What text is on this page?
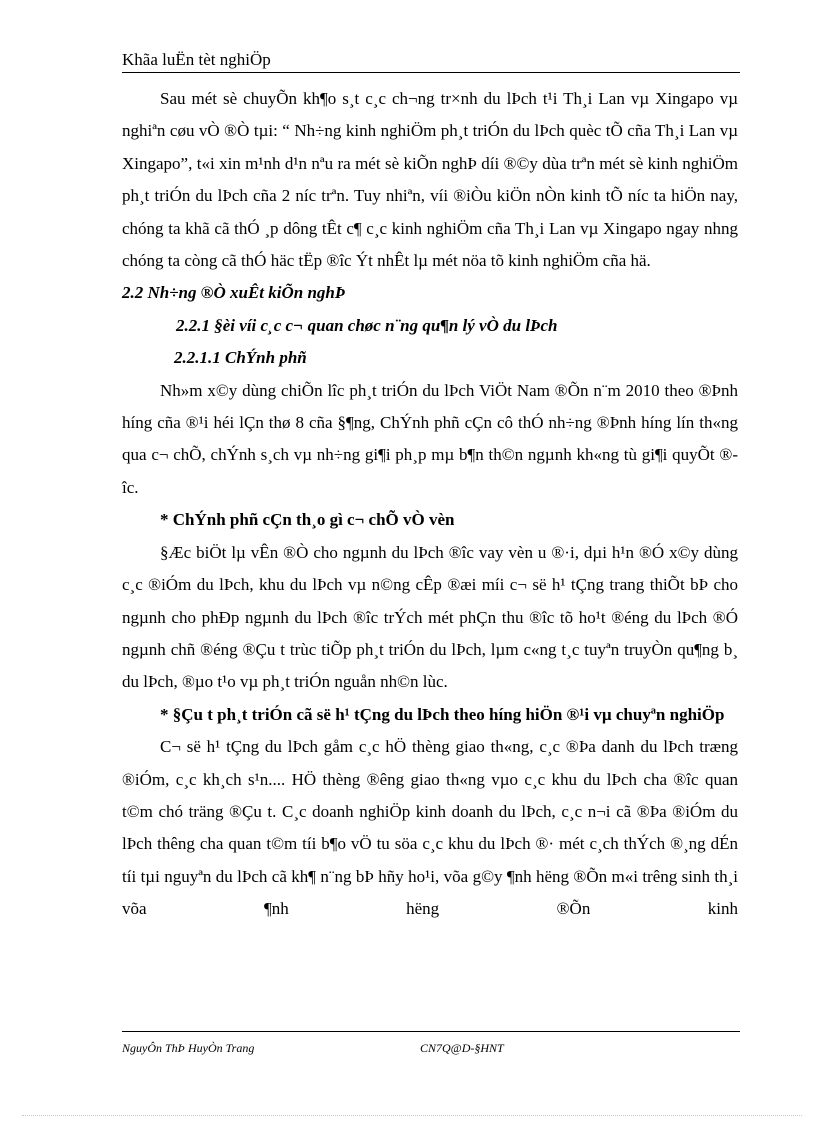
Khãa luËn tèt nghiÖp

Sau mét sè chuyÕn kh¶o s¸t c¸c ch¬ng tr×nh du lÞch t¹i Th¸i Lan vµ Xingapo vµ nghiªn cøu vÒ ®Ò tµi: “ Nh÷ng kinh nghiÖm ph¸t triÓn du lÞch quèc tÕ cña Th¸i Lan vµ Xingapo”, t«i xin m¹nh d¹n nªu ra mét sè kiÕn nghÞ díi ®©y dùa trªn mét sè kinh nghiÖm ph¸t triÓn du lÞch cña 2 níc trªn. Tuy nhiªn, víi ®iÒu kiÖn nÒn kinh tÕ níc ta hiÖn nay, chóng ta khã cã thÓ ¸p dông tÊt c¶ c¸c kinh nghiÖm cña Th¸i Lan vµ Xingapo ngay nhng chóng ta còng cã thÓ häc tËp ®îc Ýt nhÊt lµ mét nöa tõ kinh nghiÖm cña hä.

2.2 Nh÷ng ®Ò xuÊt kiÕn nghÞ

2.2.1 §èi víi c¸c c¬ quan chøc n¨ng qu¶n lý vÒ du lÞch

2.2.1.1 ChÝnh phñ

Nh»m x©y dùng chiÕn lîc ph¸t triÓn du lÞch ViÖt Nam ®Õn n¨m 2010 theo ®Þnh híng cña ®¹i héi lÇn thø 8 cña §¶ng, ChÝnh phñ cÇn cô thÓ nh÷ng ®Þnh híng lín th«ng qua c¬ chÕ, chÝnh s¸ch vµ nh÷ng gi¶i ph¸p mµ b¶n th©n ngµnh kh«ng tù gi¶i quyÕt ®îc.

* ChÝnh phñ cÇn th¸o gì c¬ chÕ vÒ vèn

§Æc biÖt lµ vÊn ®Ò cho ngµnh du lÞch ®îc vay vèn u ®·i, dµi h¹n ®Ó x©y dùng c¸c ®iÓm du lÞch, khu du lÞch vµ n©ng cÊp ®æi míi c¬ së h¹ tÇng trang thiÕt bÞ cho ngµnh cho phÐp ngµnh du lÞch ®îc trÝch mét phÇn thu ®îc tõ ho¹t ®éng du lÞch ®Ó ngµnh chñ ®éng ®Çu t trùc tiÕp ph¸t triÓn du lÞch, lµm c«ng t¸c tuyªn truyÒn qu¶ng b¸ du lÞch, ®µo t¹o vµ ph¸t triÓn nguån nh©n lùc.

* §Çu t ph¸t triÓn cã së h¹ tÇng du lÞch theo híng hiÖn ®¹i vµ chuyªn nghiÖp

C¬ së h¹ tÇng du lÞch gåm c¸c hÖ thèng giao th«ng, c¸c ®Þa danh du lÞch træng ®iÓm, c¸c kh¸ch s¹n.... HÖ thèng ®êng giao th«ng vµo c¸c khu du lÞch cha ®îc quan t©m chó träng ®Çu t. C¸c doanh nghiÖp kinh doanh du lÞch, c¸c n¬i cã ®Þa ®iÓm du lÞch thêng cha quan t©m tíi b¶o vÖ tu söa c¸c khu du lÞch ®· mét c¸ch thÝch ®¸ng dÉn tíi tµi nguyªn du lÞch cã kh¶ n¨ng bÞ hñy ho¹i, võa g©y ¶nh hëng ®Õn m«i trêng sinh th¸i võa ¶nh hëng ®Õn kinh

NguyÔn ThÞ HuyÒn Trang	CN7Q@D-§HNT
